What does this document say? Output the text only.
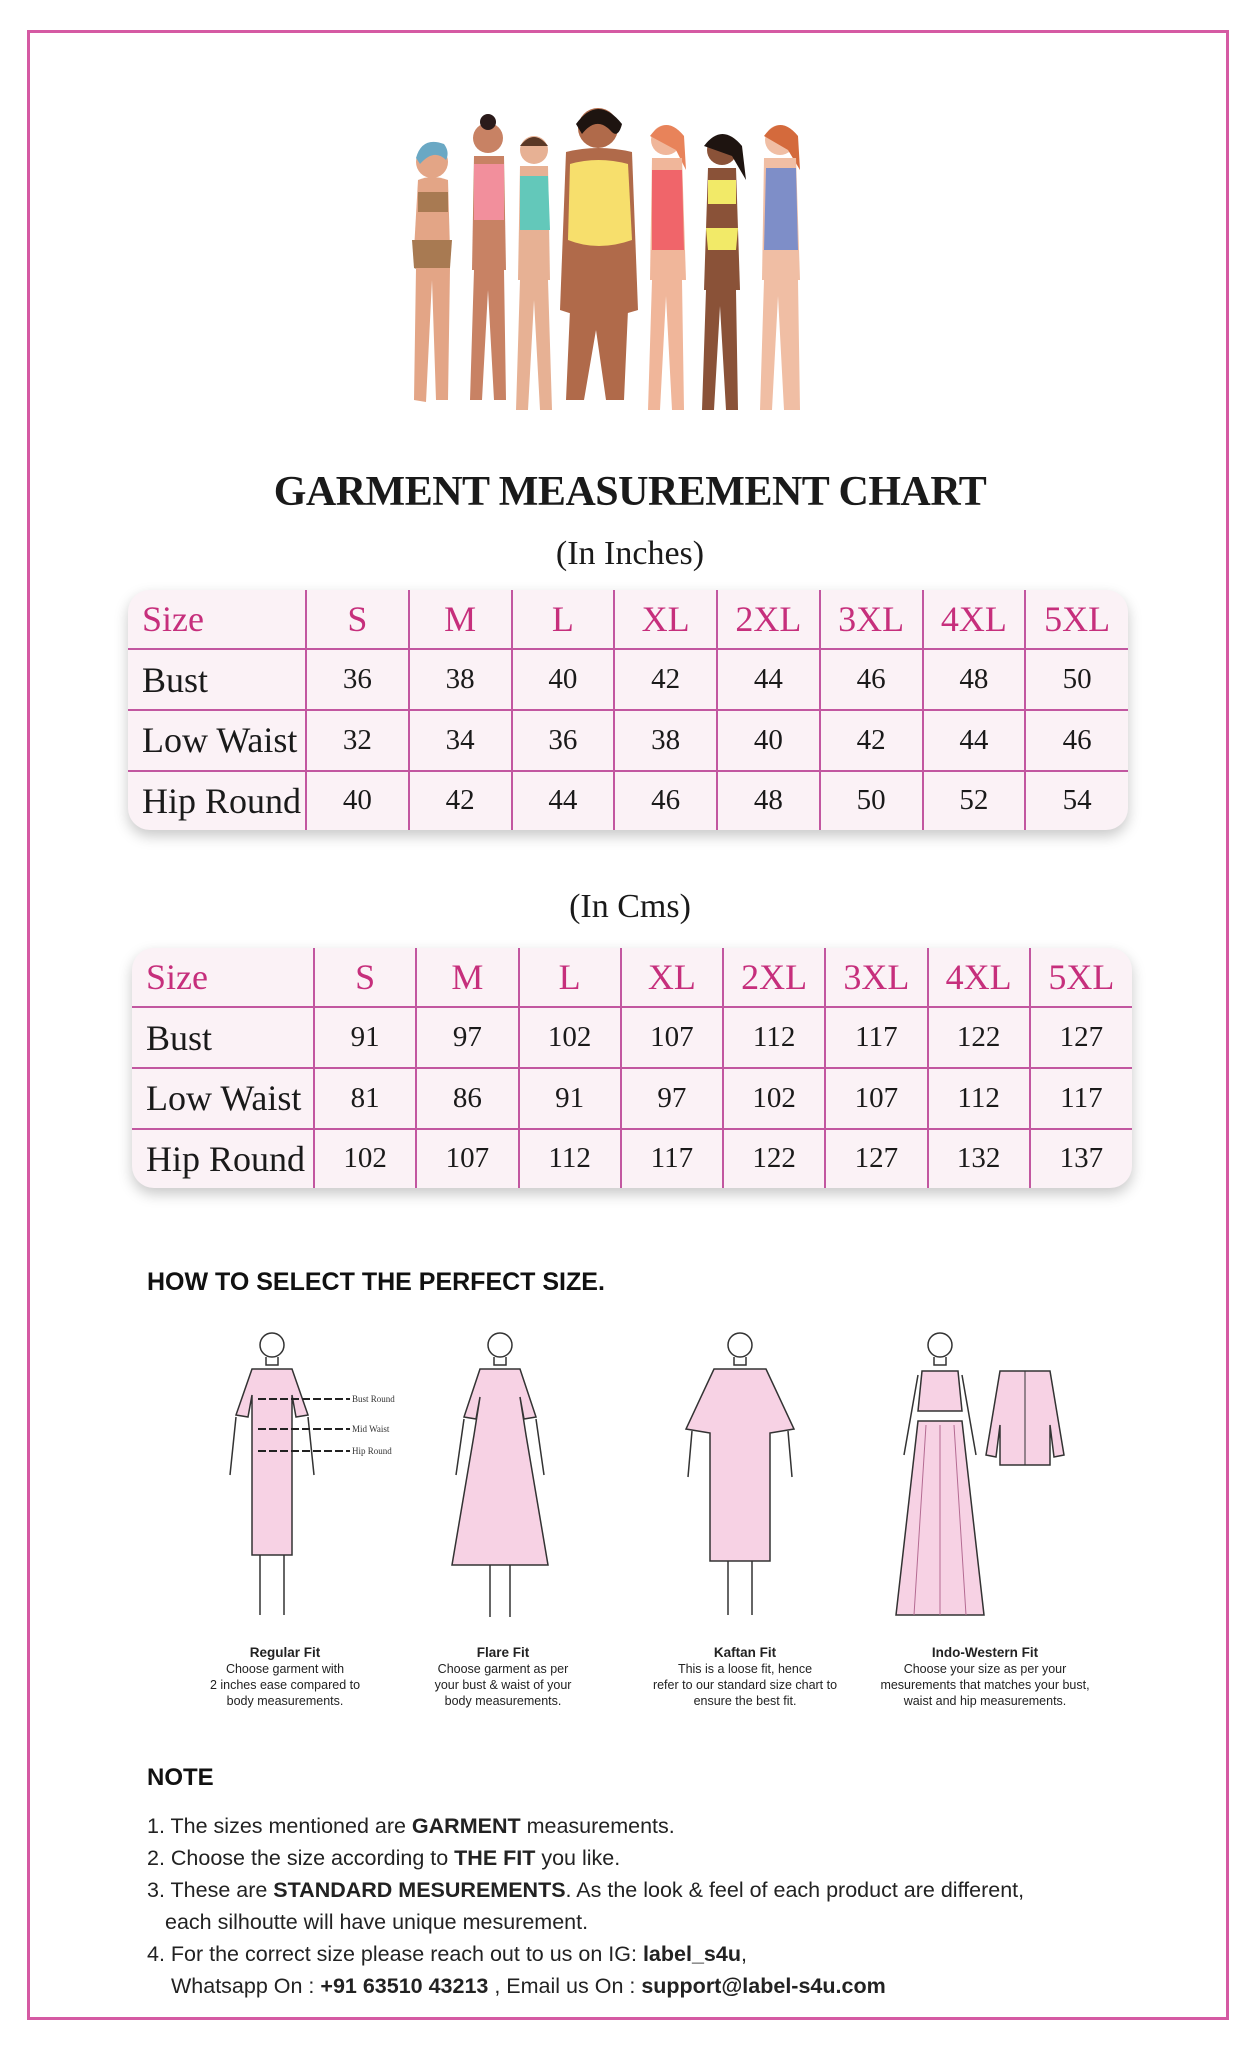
GARMENT MEASUREMENT CHART
(In Inches)
Size	S	M	L	XL	2XL	3XL	4XL	5XL
Bust	36	38	40	42	44	46	48	50
Low Waist	32	34	36	38	40	42	44	46
Hip Round	40	42	44	46	48	50	52	54
(In Cms)
Size	S	M	L	XL	2XL	3XL	4XL	5XL
Bust	91	97	102	107	112	117	122	127
Low Waist	81	86	91	97	102	107	112	117
Hip Round	102	107	112	117	122	127	132	137
HOW TO SELECT THE PERFECT SIZE.
Bust Round
Mid Waist
Hip Round
Regular Fit
Choose garment with
2 inches ease compared to
body measurements.
Flare Fit
Choose garment as per
your bust & waist of your
body measurements.
Kaftan Fit
This is a loose fit, hence
refer to our standard size chart to
ensure the best fit.
Indo-Western Fit
Choose your size as per your
mesurements that matches your bust,
waist and hip measurements.
NOTE
1. The sizes mentioned are GARMENT measurements.
2. Choose the size according to THE FIT you like.
3. These are STANDARD MESUREMENTS. As the look & feel of each product are different,
each silhoutte will have unique mesurement.
4. For the correct size please reach out to us on IG: label_s4u,
Whatsapp On : +91 63510 43213 , Email us On : support@label-s4u.com
